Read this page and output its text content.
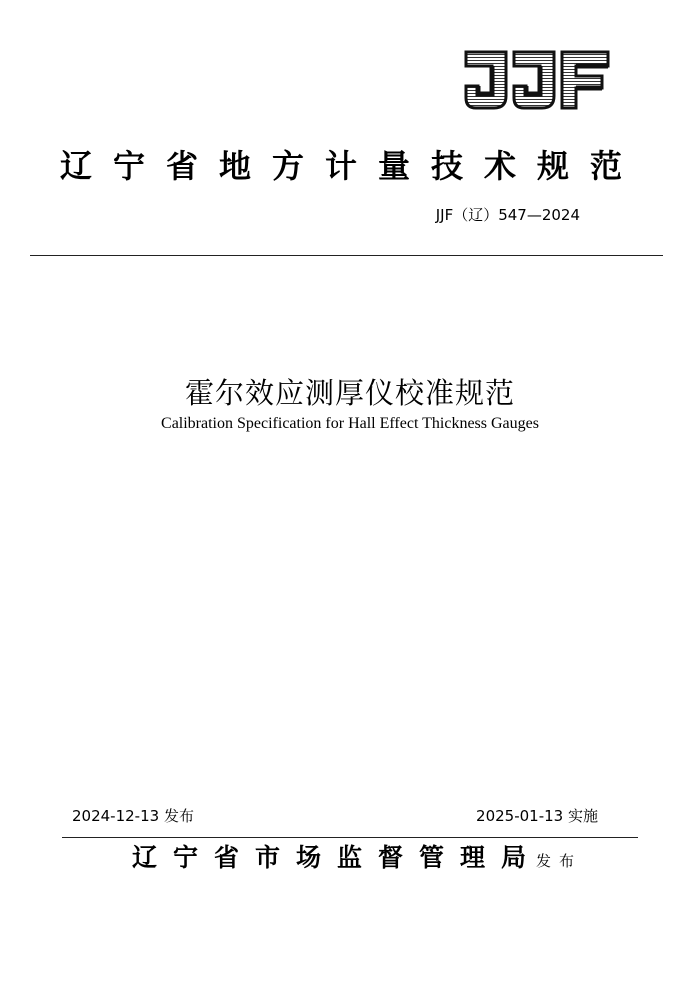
辽宁省地方计量技术规范
JJF（辽）547—2024
霍尔效应测厚仪校准规范
Calibration Specification for Hall Effect Thickness Gauges
2024-12-13 发布	2025-01-13 实施
辽宁省市场监督管理局发布
